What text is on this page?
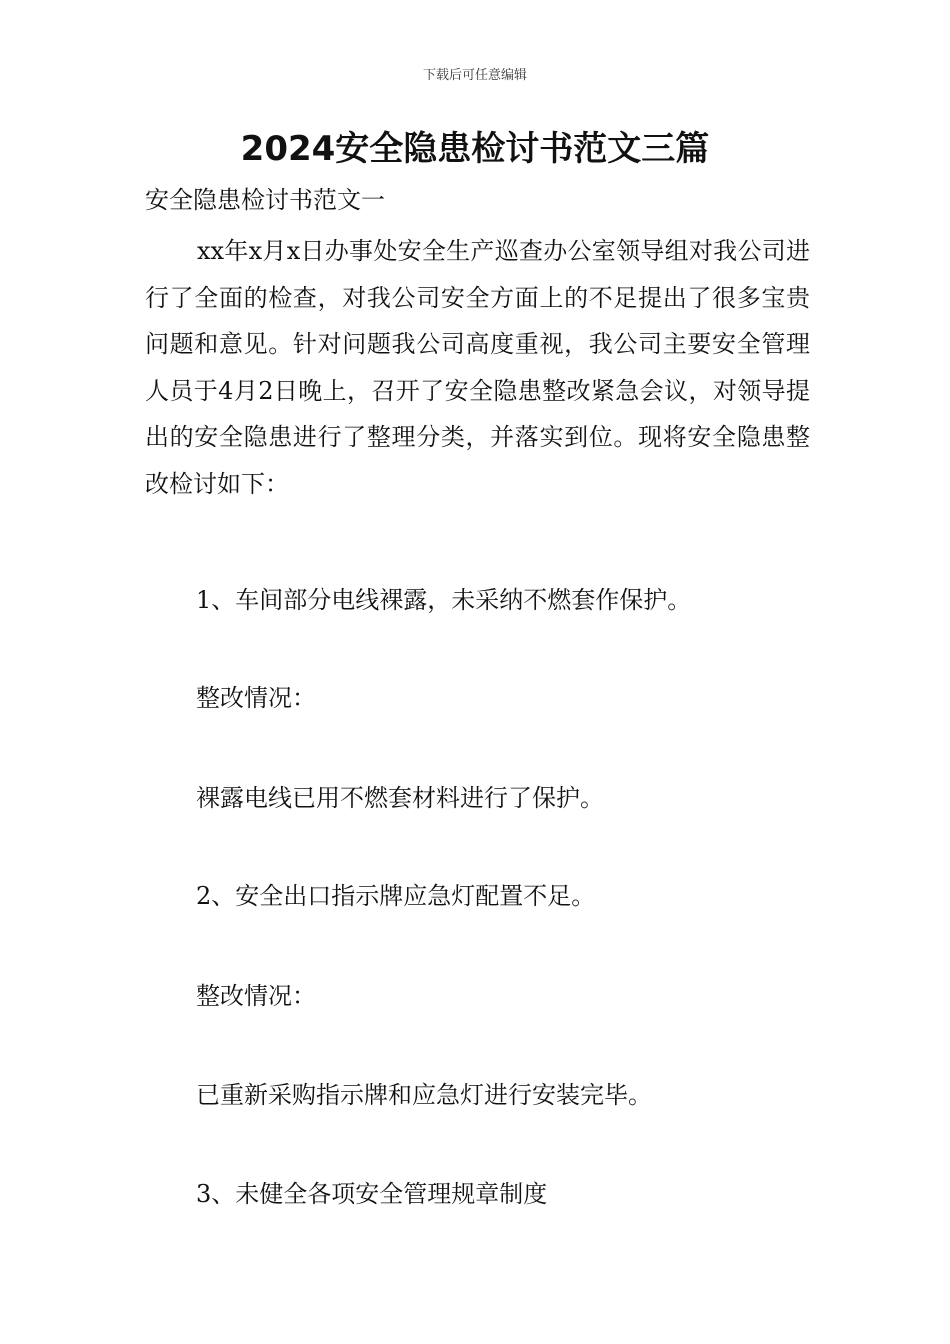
下载后可任意编辑
2024安全隐患检讨书范文三篇
安全隐患检讨书范文一

xx年x月x日办事处安全生产巡查办公室领导组对我公司进行了全面的检查，对我公司安全方面上的不足提出了很多宝贵问题和意见。针对问题我公司高度重视，我公司主要安全管理人员于4月2日晚上，召开了安全隐患整改紧急会议，对领导提出的安全隐患进行了整理分类，并落实到位。现将安全隐患整改检讨如下：

1、车间部分电线裸露，未采纳不燃套作保护。
整改情况：
裸露电线已用不燃套材料进行了保护。
2、安全出口指示牌应急灯配置不足。
整改情况：
已重新采购指示牌和应急灯进行安装完毕。
3、未健全各项安全管理规章制度
